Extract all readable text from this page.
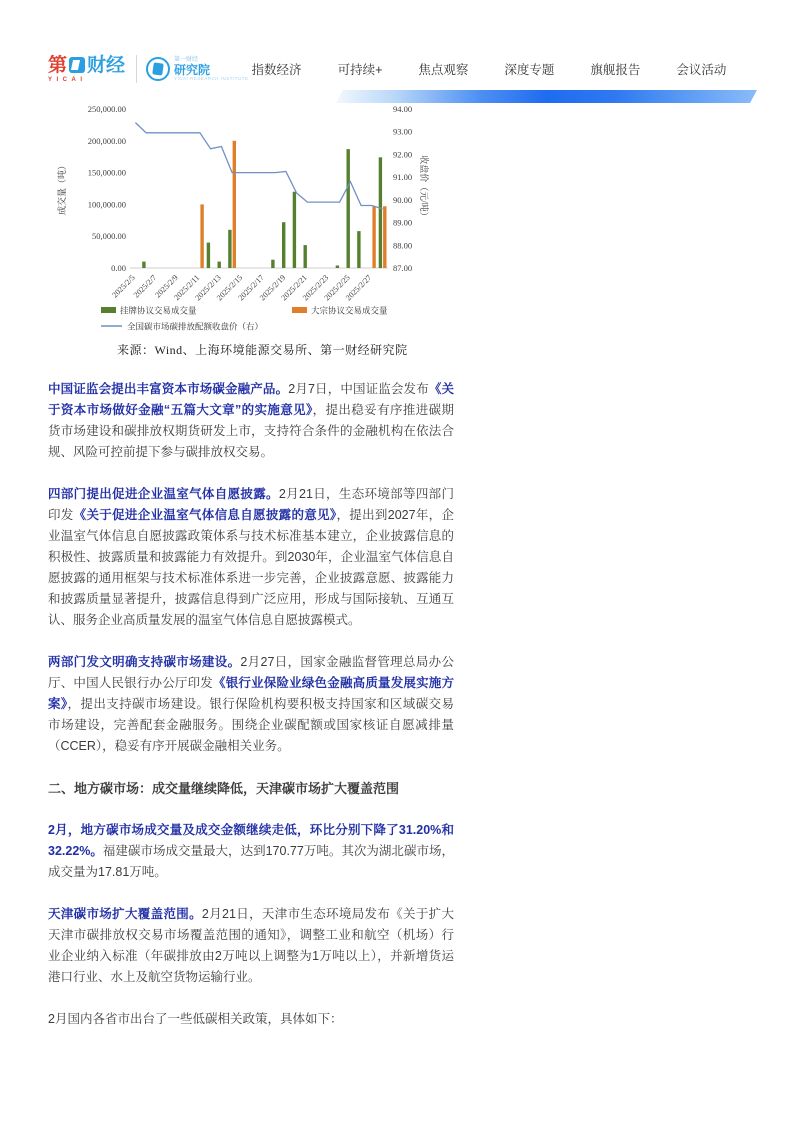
第 财经
YICAI
第一财经
研究院
YICAI RESEARCH INSTITUTE
指数经济	可持续+	焦点观察	深度专题	旗舰报告	会议活动
0.00
50,000.00
100,000.00
150,000.00
200,000.00
250,000.00
87.00
88.00
89.00
90.00
91.00
92.00
93.00
94.00
成交量（吨）	收盘价（元/吨）
2025/2/5
2025/2/7
2025/2/9
2025/2/11
2025/2/13
2025/2/15
2025/2/17
2025/2/19
2025/2/21
2025/2/23
2025/2/25
2025/2/27
挂牌协议交易成交量	大宗协议交易成交量
全国碳市场碳排放配额收盘价（右）
来源：Wind、上海环境能源交易所、第一财经研究院

中国证监会提出丰富资本市场碳金融产品。2月7日，中国证监会发布《关于资本市场做好金融“五篇大文章”的实施意见》，提出稳妥有序推进碳期货市场建设和碳排放权期货研发上市，支持符合条件的金融机构在依法合规、风险可控前提下参与碳排放权交易。

四部门提出促进企业温室气体自愿披露。2月21日，生态环境部等四部门印发《关于促进企业温室气体信息自愿披露的意见》，提出到2027年，企业温室气体信息自愿披露政策体系与技术标准基本建立，企业披露信息的积极性、披露质量和披露能力有效提升。到2030年，企业温室气体信息自愿披露的通用框架与技术标准体系进一步完善，企业披露意愿、披露能力和披露质量显著提升，披露信息得到广泛应用，形成与国际接轨、互通互认、服务企业高质量发展的温室气体信息自愿披露模式。

两部门发文明确支持碳市场建设。2月27日，国家金融监督管理总局办公厅、中国人民银行办公厅印发《银行业保险业绿色金融高质量发展实施方案》，提出支持碳市场建设。银行保险机构要积极支持国家和区域碳交易市场建设，完善配套金融服务。围绕企业碳配额或国家核证自愿减排量（CCER），稳妥有序开展碳金融相关业务。

二、地方碳市场：成交量继续降低，天津碳市场扩大覆盖范围

2月，地方碳市场成交量及成交金额继续走低，环比分别下降了31.20%和32.22%。福建碳市场成交量最大，达到170.77万吨。其次为湖北碳市场，成交量为17.81万吨。

天津碳市场扩大覆盖范围。2月21日，天津市生态环境局发布《关于扩大天津市碳排放权交易市场覆盖范围的通知》，调整工业和航空（机场）行业企业纳入标准（年碳排放由2万吨以上调整为1万吨以上），并新增货运港口行业、水上及航空货物运输行业。

2月国内各省市出台了一些低碳相关政策，具体如下：
